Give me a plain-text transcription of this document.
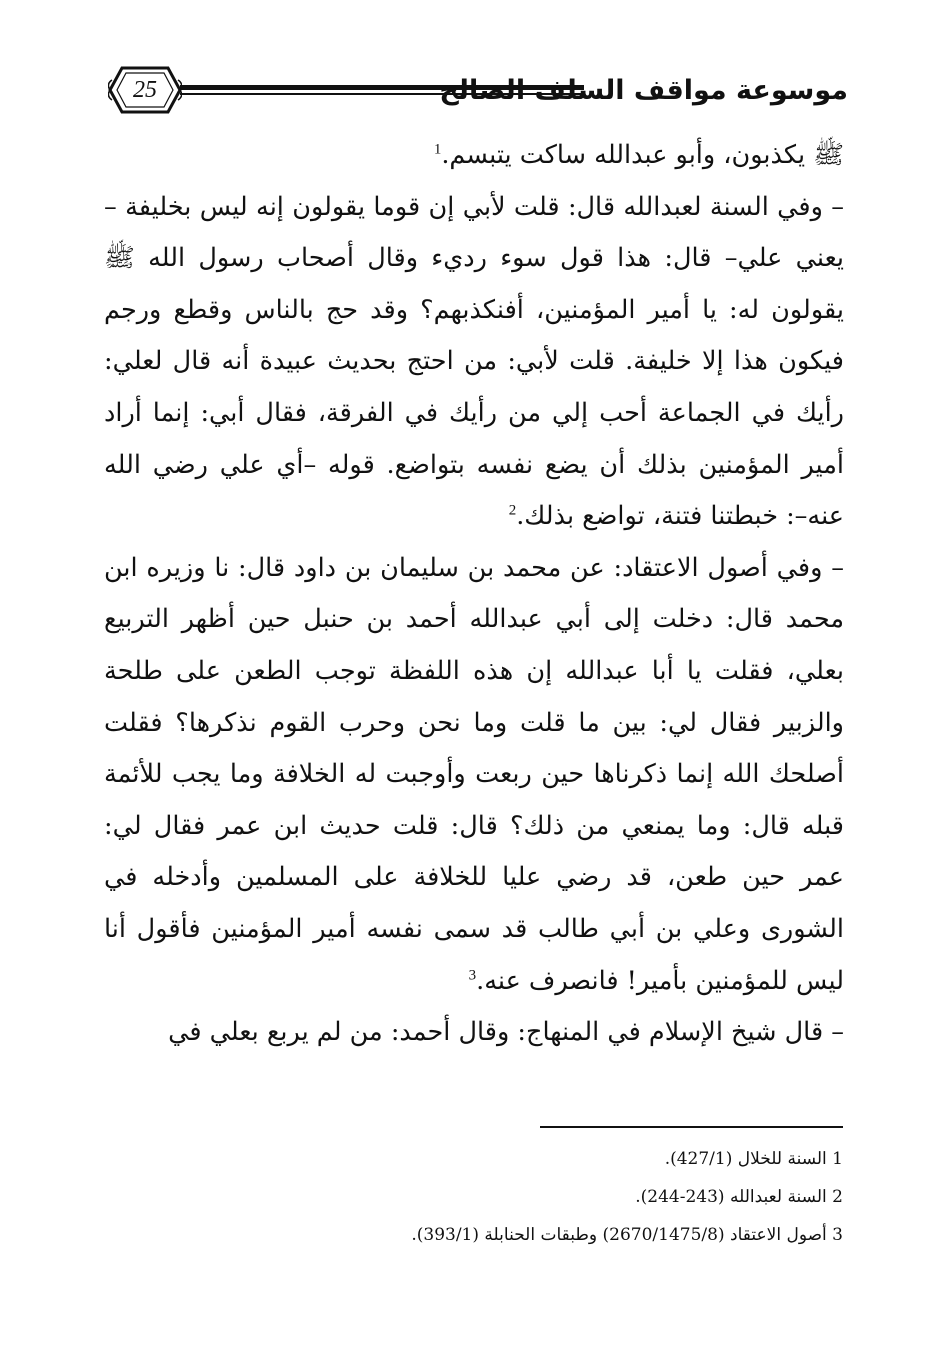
25	موسوعة مواقف السلف الصالح

ﷺ يكذبون، وأبو عبدالله ساكت يتبسم.$^1$

– وفي السنة لعبدالله قال: قلت لأبي إن قوما يقولون إنه ليس بخليفة – يعني علي– قال: هذا قول سوء رديء وقال أصحاب رسول الله ﷺ يقولون له: يا أمير المؤمنين، أفنكذبهم؟ وقد حج بالناس وقطع ورجم فيكون هذا إلا خليفة. قلت لأبي: من احتج بحديث عبيدة أنه قال لعلي: رأيك في الجماعة أحب إلي من رأيك في الفرقة، فقال أبي: إنما أراد أمير المؤمنين بذلك أن يضع نفسه بتواضع. قوله –أي علي رضي الله عنه–: خبطتنا فتنة، تواضع بذلك.$^2$

– وفي أصول الاعتقاد: عن محمد بن سليمان بن داود قال: نا وزيره ابن محمد قال: دخلت إلى أبي عبدالله أحمد بن حنبل حين أظهر التربيع بعلي، فقلت يا أبا عبدالله إن هذه اللفظة توجب الطعن على طلحة والزبير فقال لي: بين ما قلت وما نحن وحرب القوم نذكرها؟ فقلت أصلحك الله إنما ذكرناها حين ربعت وأوجبت له الخلافة وما يجب للأئمة قبله قال: وما يمنعي من ذلك؟ قال: قلت حديث ابن عمر فقال لي: عمر حين طعن، قد رضي عليا للخلافة على المسلمين وأدخله في الشورى وعلي بن أبي طالب قد سمى نفسه أمير المؤمنين فأقول أنا ليس للمؤمنين بأمير! فانصرف عنه.$^3$

– قال شيخ الإسلام في المنهاج: وقال أحمد: من لم يربع بعلي في

1 السنة للخلال (427/1).

2 السنة لعبدالله (243-244).

3 أصول الاعتقاد (2670/1475/8) وطبقات الحنابلة (393/1).
